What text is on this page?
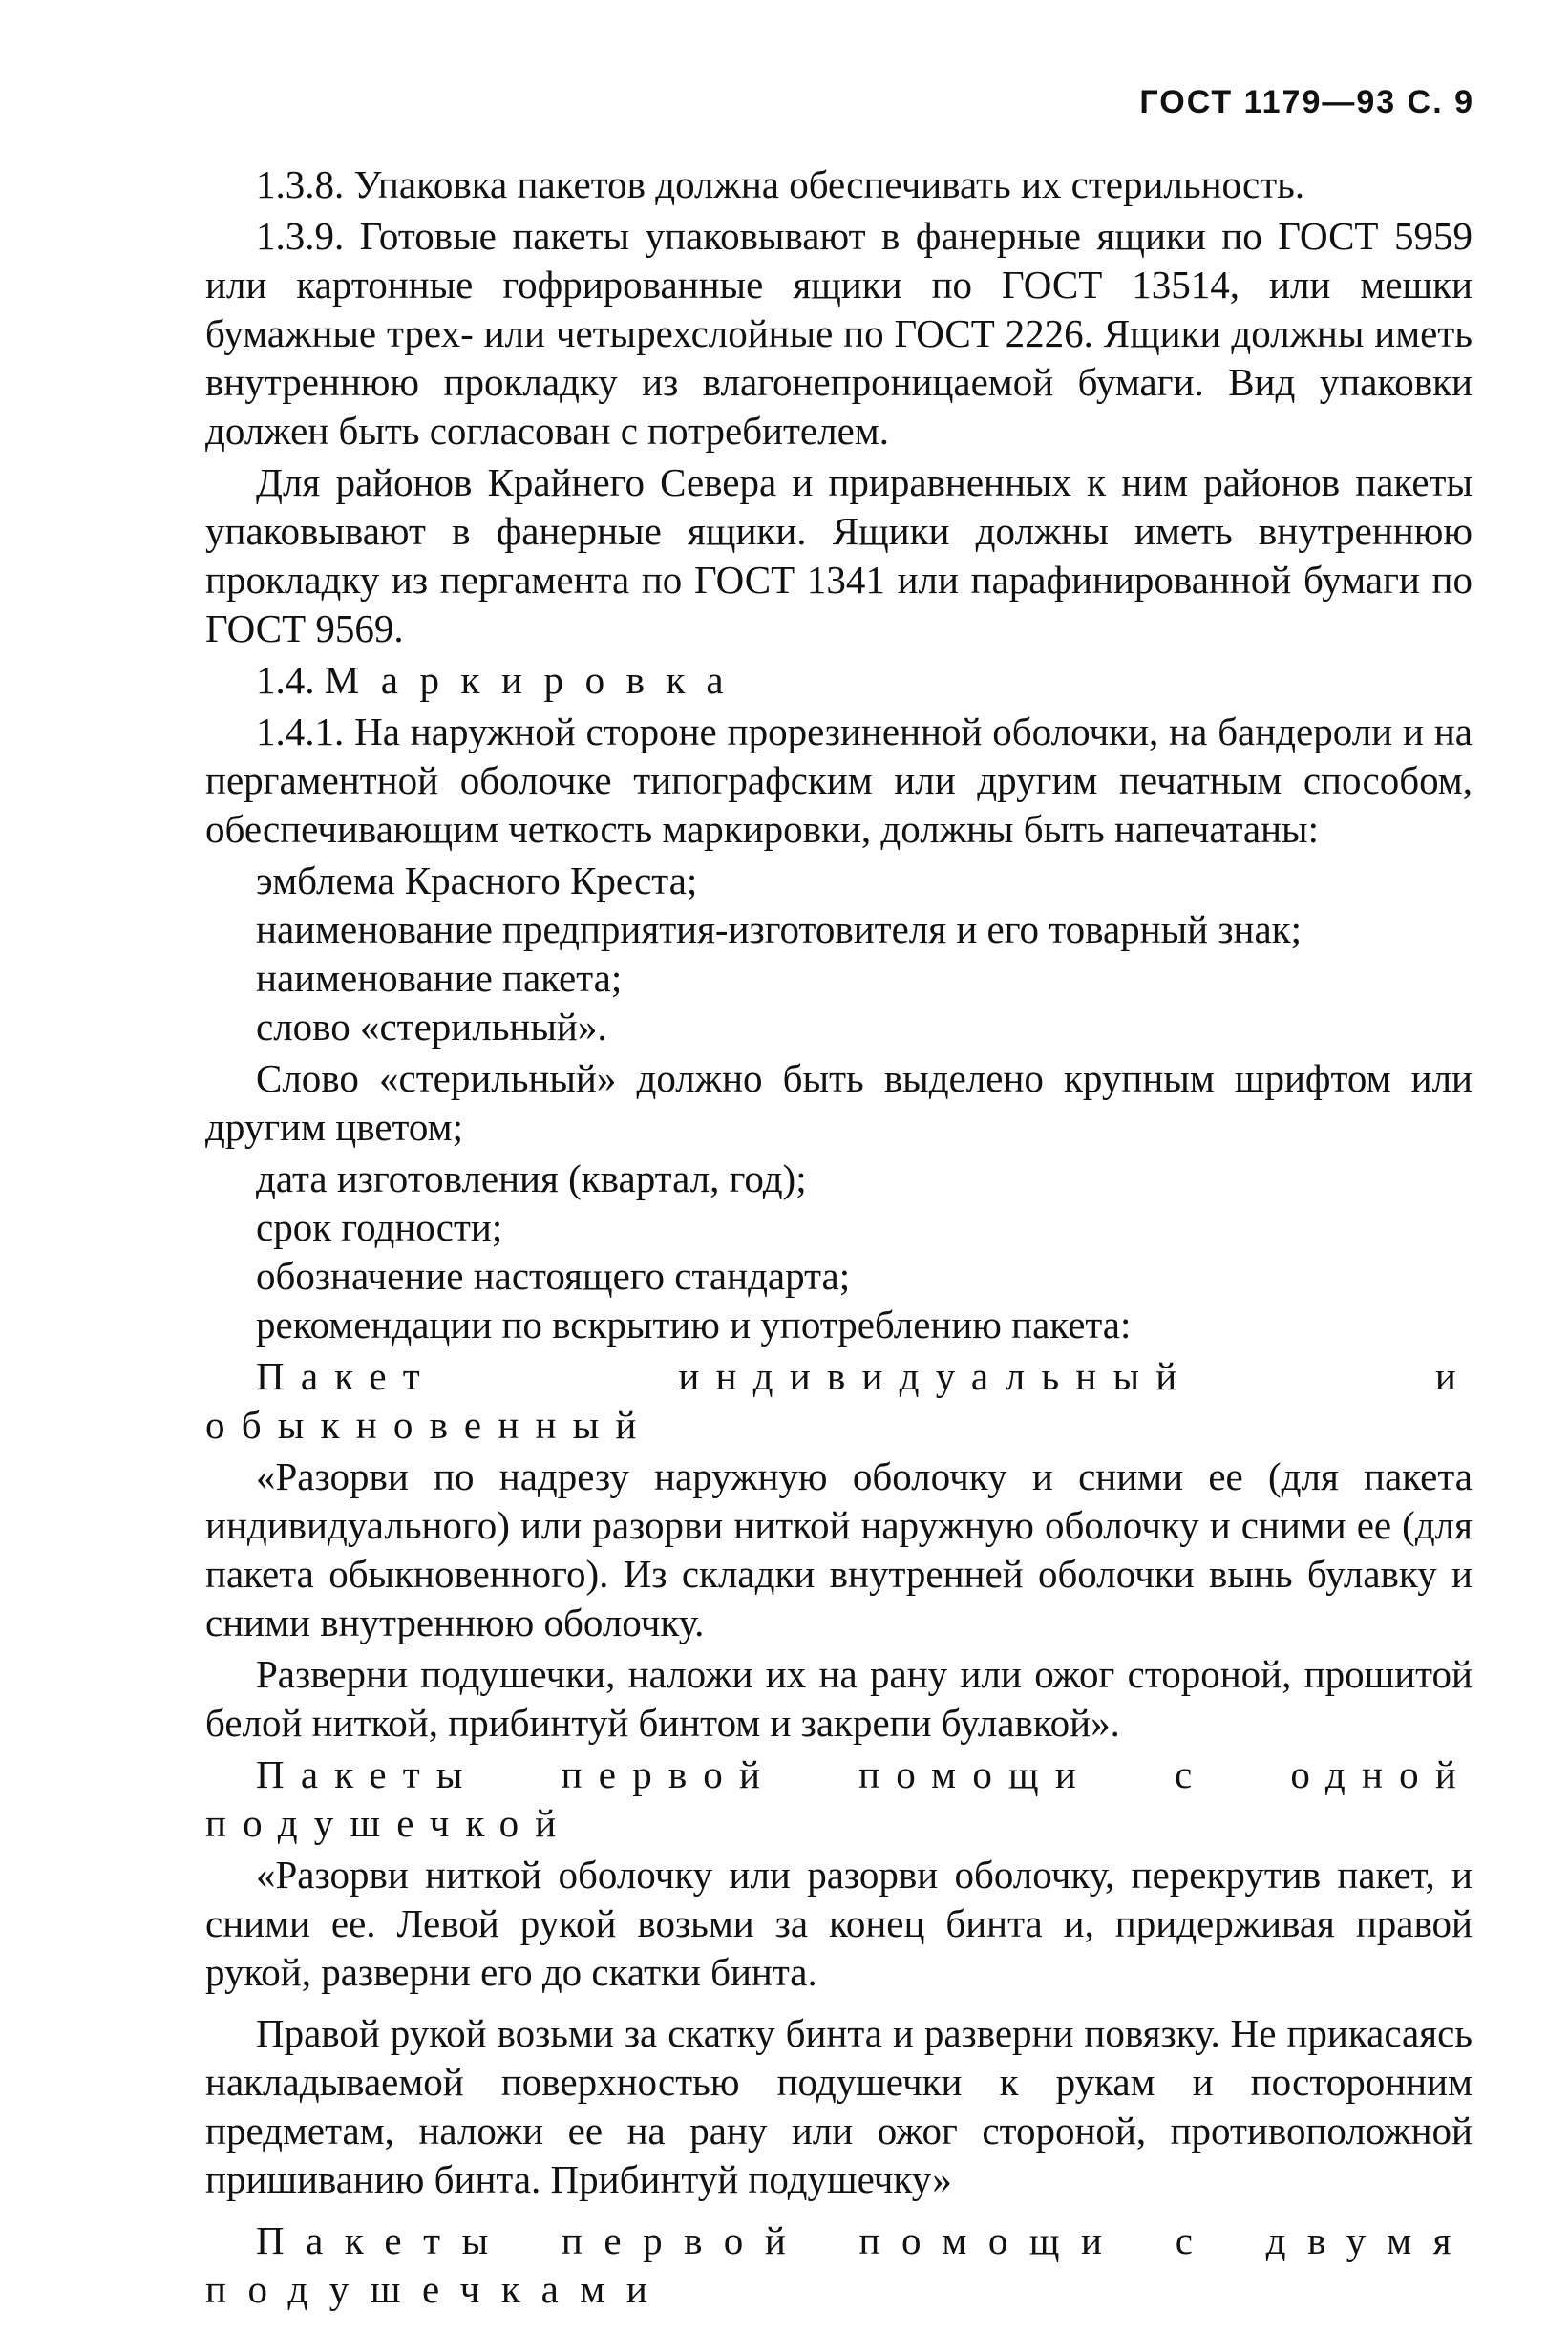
ГОСТ 1179—93 С. 9

1.3.8. Упаковка пакетов должна обеспечивать их стерильность.

1.3.9. Готовые пакеты упаковывают в фанерные ящики по ГОСТ 5959 или картонные гофрированные ящики по ГОСТ 13514, или мешки бумажные трех- или четырехслойные по ГОСТ 2226. Ящики должны иметь внутреннюю прокладку из влагонепроницаемой бумаги. Вид упаковки должен быть согласован с потребителем.

Для районов Крайнего Севера и приравненных к ним районов пакеты упаковывают в фанерные ящики. Ящики должны иметь внутреннюю прокладку из пергамента по ГОСТ 1341 или парафинированной бумаги по ГОСТ 9569.

1.4. Маркировка

1.4.1. На наружной стороне прорезиненной оболочки, на бандероли и на пергаментной оболочке типографским или другим печатным способом, обеспечивающим четкость маркировки, должны быть напечатаны:

эмблема Красного Креста;
наименование предприятия-изготовителя и его товарный знак;
наименование пакета;
слово «стерильный».

Слово «стерильный» должно быть выделено крупным шрифтом или другим цветом;

дата изготовления (квартал, год);
срок годности;
обозначение настоящего стандарта;
рекомендации по вскрытию и употреблению пакета:

Пакет индивидуальный и обыкновенный

«Разорви по надрезу наружную оболочку и сними ее (для пакета индивидуального) или разорви ниткой наружную оболочку и сними ее (для пакета обыкновенного). Из складки внутренней оболочки вынь булавку и сними внутреннюю оболочку.

Разверни подушечки, наложи их на рану или ожог стороной, прошитой белой ниткой, прибинтуй бинтом и закрепи булавкой».

Пакеты первой помощи с одной подушечкой

«Разорви ниткой оболочку или разорви оболочку, перекрутив пакет, и сними ее. Левой рукой возьми за конец бинта и, придерживая правой рукой, разверни его до скатки бинта.

Правой рукой возьми за скатку бинта и разверни повязку. Не прикасаясь накладываемой поверхностью подушечки к рукам и посторонним предметам, наложи ее на рану или ожог стороной, противоположной пришиванию бинта. Прибинтуй подушечку»

Пакеты первой помощи с двумя подушечками
